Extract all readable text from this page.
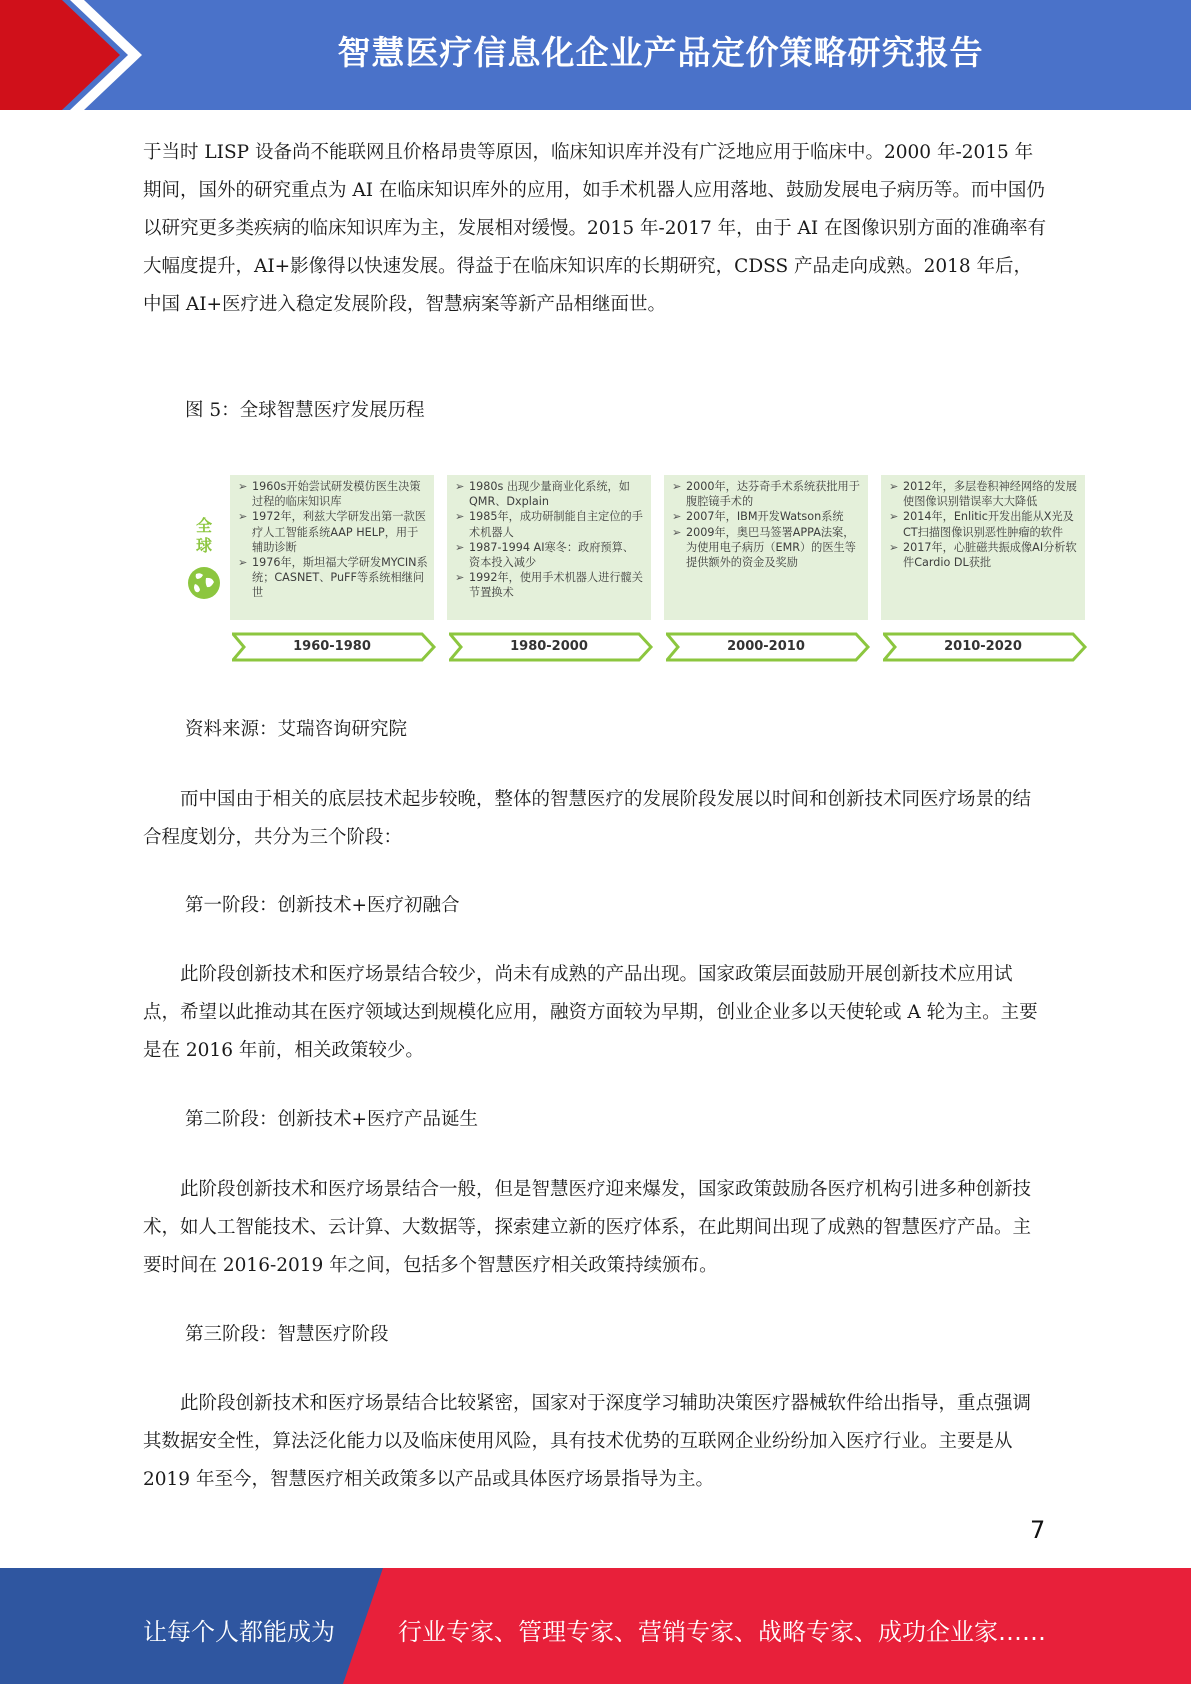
智慧医疗信息化企业产品定价策略研究报告

于当时 LISP 设备尚不能联网且价格昂贵等原因，临床知识库并没有广泛地应用于临床中。2000 年-2015 年期间，国外的研究重点为 AI 在临床知识库外的应用，如手术机器人应用落地、鼓励发展电子病历等。而中国仍以研究更多类疾病的临床知识库为主，发展相对缓慢。2015 年-2017 年，由于 AI 在图像识别方面的准确率有大幅度提升，AI+影像得以快速发展。得益于在临床知识库的长期研究，CDSS 产品走向成熟。2018 年后，中国 AI+医疗进入稳定发展阶段，智慧病案等新产品相继面世。

图 5：全球智慧医疗发展历程

全
球
➢ 1960s开始尝试研发模仿医生决策过程的临床知识库
➢ 1972年，利兹大学研发出第一款医疗人工智能系统AAP HELP，用于辅助诊断
➢ 1976年，斯坦福大学研发MYCIN系统；CASNET、PuFF等系统相继问世
➢ 1980s 出现少量商业化系统，如QMR、Dxplain
➢ 1985年，成功研制能自主定位的手术机器人
➢ 1987-1994 AI寒冬：政府预算、资本投入减少
➢ 1992年，使用手术机器人进行髋关节置换术
➢ 2000年，达芬奇手术系统获批用于腹腔镜手术的
➢ 2007年，IBM开发Watson系统
➢ 2009年，奥巴马签署APPA法案，为使用电子病历（EMR）的医生等提供额外的资金及奖励
➢ 2012年，多层卷积神经网络的发展使图像识别错误率大大降低
➢ 2014年，Enlitic开发出能从X光及CT扫描图像识别恶性肿瘤的软件
➢ 2017年，心脏磁共振成像AI分析软件Cardio DL获批
1960-1980	1980-2000	2000-2010	2010-2020

资料来源：艾瑞咨询研究院

而中国由于相关的底层技术起步较晚，整体的智慧医疗的发展阶段发展以时间和创新技术同医疗场景的结合程度划分，共分为三个阶段：

第一阶段：创新技术+医疗初融合

此阶段创新技术和医疗场景结合较少，尚未有成熟的产品出现。国家政策层面鼓励开展创新技术应用试点，希望以此推动其在医疗领域达到规模化应用，融资方面较为早期，创业企业多以天使轮或 A 轮为主。主要是在 2016 年前，相关政策较少。

第二阶段：创新技术+医疗产品诞生

此阶段创新技术和医疗场景结合一般，但是智慧医疗迎来爆发，国家政策鼓励各医疗机构引进多种创新技术，如人工智能技术、云计算、大数据等，探索建立新的医疗体系，在此期间出现了成熟的智慧医疗产品。主要时间在 2016-2019 年之间，包括多个智慧医疗相关政策持续颁布。

第三阶段：智慧医疗阶段

此阶段创新技术和医疗场景结合比较紧密，国家对于深度学习辅助决策医疗器械软件给出指导，重点强调其数据安全性，算法泛化能力以及临床使用风险，具有技术优势的互联网企业纷纷加入医疗行业。主要是从 2019 年至今，智慧医疗相关政策多以产品或具体医疗场景指导为主。

7
让每个人都能成为	行业专家、管理专家、营销专家、战略专家、成功企业家……
